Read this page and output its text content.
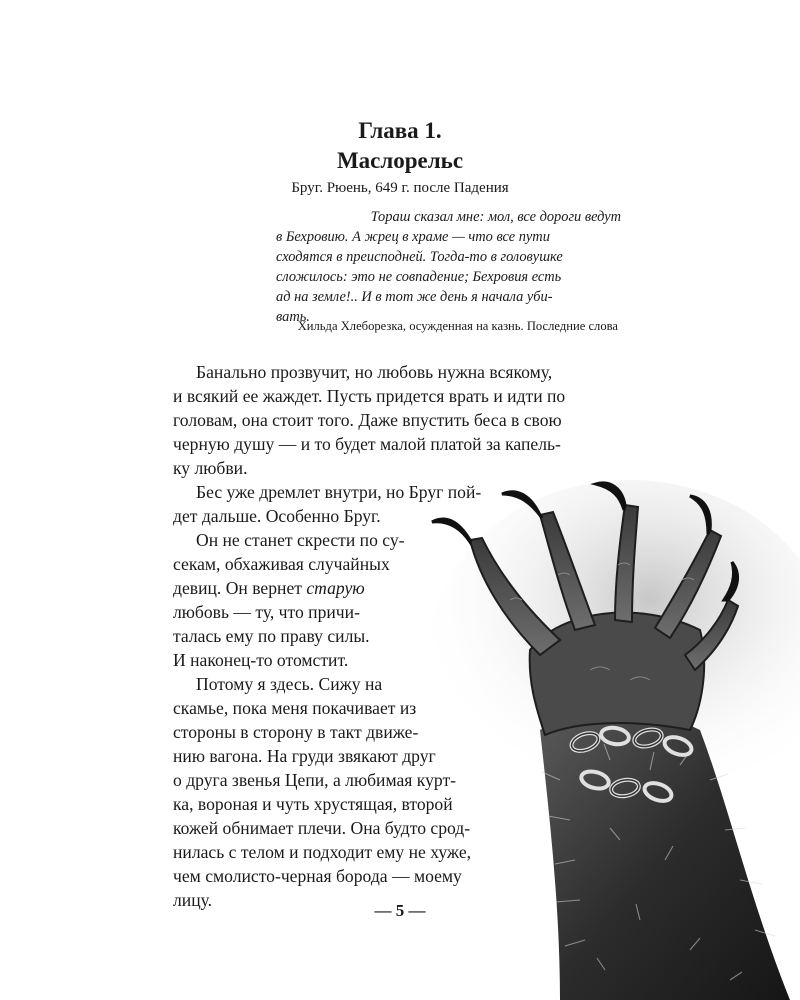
Глава 1.
Маслорельс
Бруг. Рюень, 649 г. после Падения
Тораш сказал мне: мол, все дороги ведут
в Бехровию. А жрец в храме — что все пути
сходятся в преисподней. Тогда-то в головушке
сложилось: это не совпадение; Бехровия есть
ад на земле!.. И в тот же день я начала уби-
вать.
Хильда Хлеборезка, осужденная на казнь. Последние слова
Банально прозвучит, но любовь нужна всякому,
и всякий ее жаждет. Пусть придется врать и идти по
головам, она стоит того. Даже впустить беса в свою
черную душу — и то будет малой платой за капель-
ку любви.
Бес уже дремлет внутри, но Бруг пой-
дет дальше. Особенно Бруг.
Он не станет скрести по су-
секам, обхаживая случайных
девиц. Он вернет старую
любовь — ту, что причи-
талась ему по праву силы.
И наконец-то отомстит.
Потому я здесь. Сижу на
скамье, пока меня покачивает из
стороны в сторону в такт движе-
нию вагона. На груди звякают друг
о друга звенья Цепи, а любимая курт-
ка, вороная и чуть хрустящая, второй
кожей обнимает плечи. Она будто срод-
нилась с телом и подходит ему не хуже,
чем смолисто-черная борода — моему
лицу.
— 5 —
